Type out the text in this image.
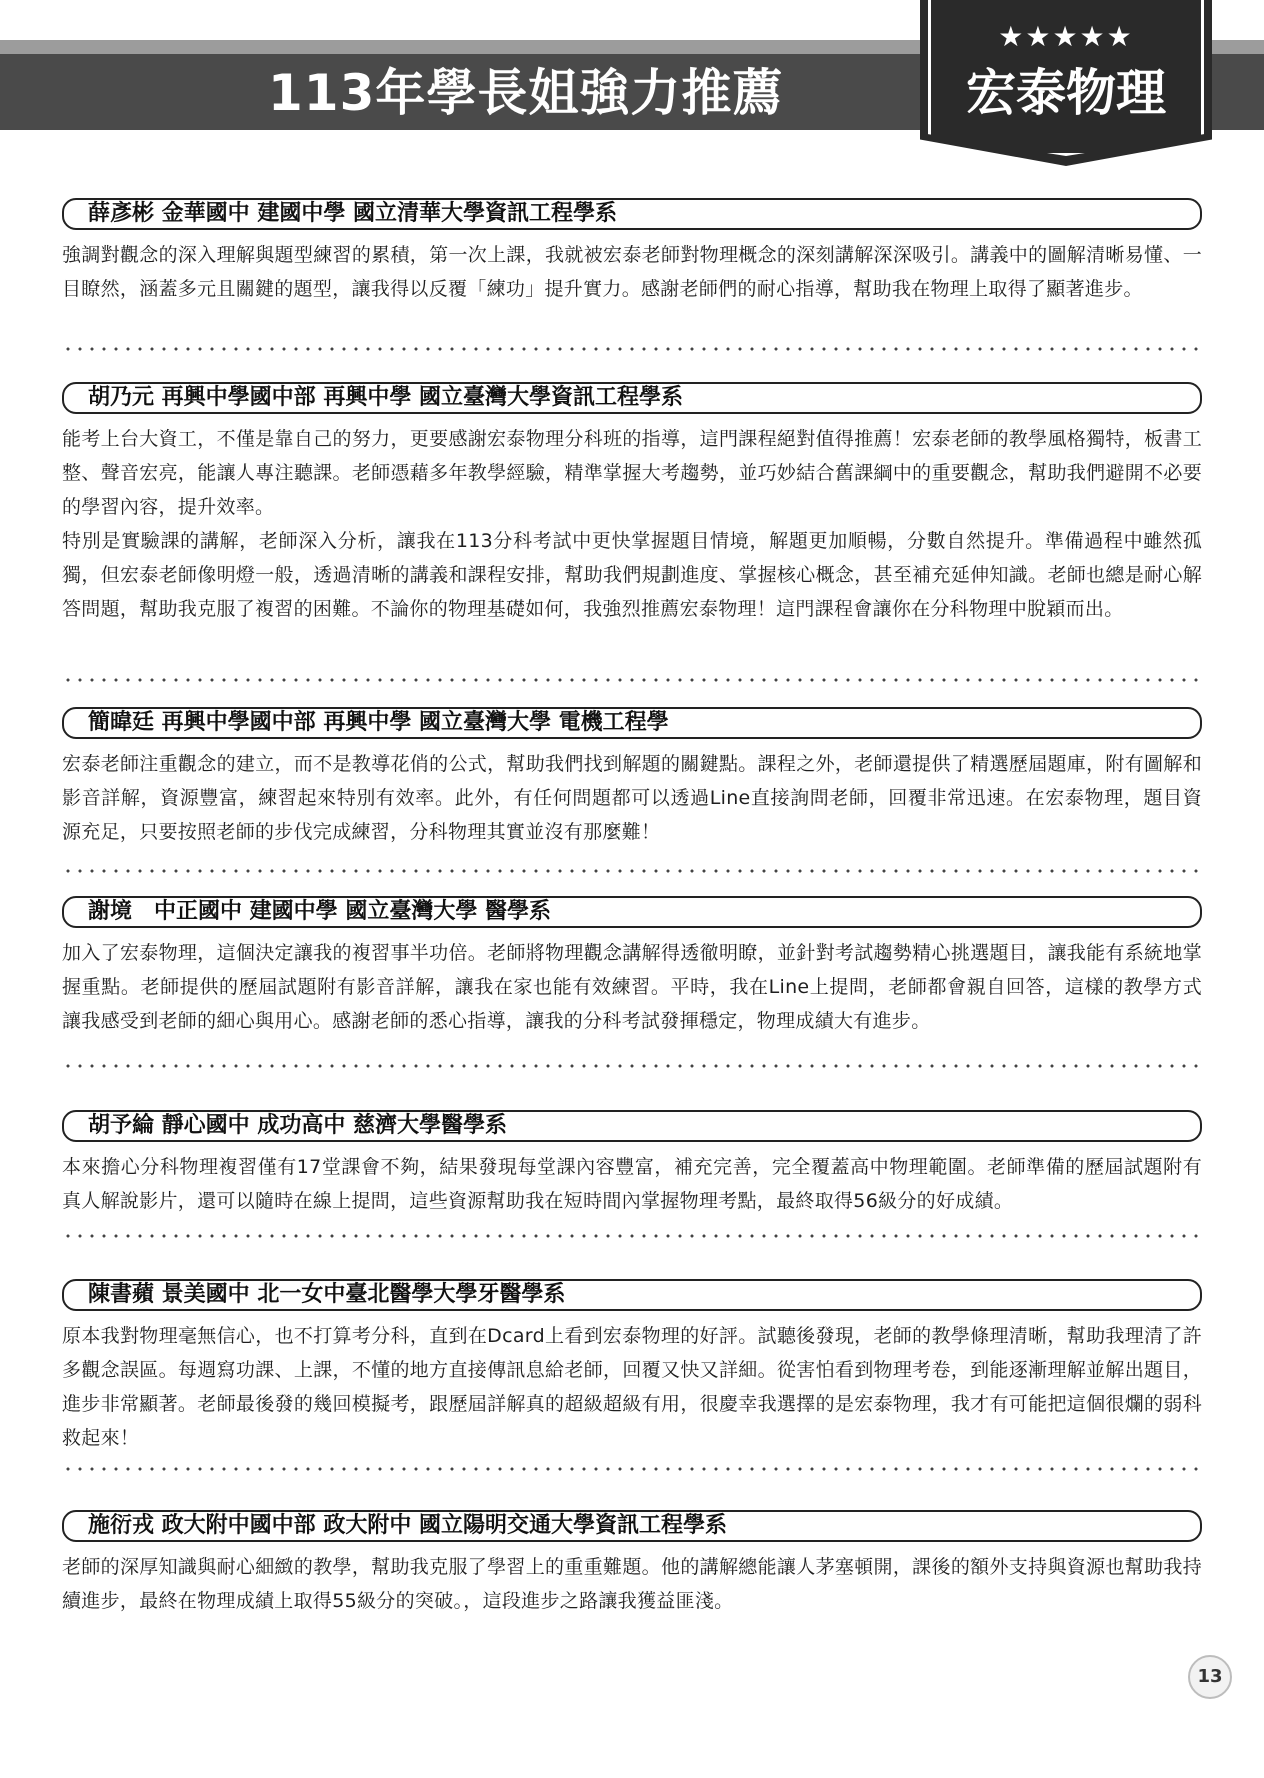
113年學長姐強力推薦
★★★★★
宏泰物理
薛彥彬 金華國中 建國中學 國立清華大學資訊工程學系

強調對觀念的深入理解與題型練習的累積，第一次上課，我就被宏泰老師對物理概念的深刻講解深深吸引。講義中的圖解清晰易懂、一目瞭然，涵蓋多元且關鍵的題型，讓我得以反覆「練功」提升實力。感謝老師們的耐心指導，幫助我在物理上取得了顯著進步。

胡乃元 再興中學國中部 再興中學 國立臺灣大學資訊工程學系

能考上台大資工，不僅是靠自己的努力，更要感謝宏泰物理分科班的指導，這門課程絕對值得推薦！宏泰老師的教學風格獨特，板書工整、聲音宏亮，能讓人專注聽課。老師憑藉多年教學經驗，精準掌握大考趨勢，並巧妙結合舊課綱中的重要觀念，幫助我們避開不必要的學習內容，提升效率。

特別是實驗課的講解，老師深入分析，讓我在113分科考試中更快掌握題目情境，解題更加順暢，分數自然提升。準備過程中雖然孤獨，但宏泰老師像明燈一般，透過清晰的講義和課程安排，幫助我們規劃進度、掌握核心概念，甚至補充延伸知識。老師也總是耐心解答問題，幫助我克服了複習的困難。不論你的物理基礎如何，我強烈推薦宏泰物理！這門課程會讓你在分科物理中脫穎而出。

簡暐廷 再興中學國中部 再興中學 國立臺灣大學 電機工程學

宏泰老師注重觀念的建立，而不是教導花俏的公式，幫助我們找到解題的關鍵點。課程之外，老師還提供了精選歷屆題庫，附有圖解和影音詳解，資源豐富，練習起來特別有效率。此外，有任何問題都可以透過Line直接詢問老師，回覆非常迅速。在宏泰物理，題目資源充足，只要按照老師的步伐完成練習，分科物理其實並沒有那麼難！

謝境　中正國中 建國中學 國立臺灣大學 醫學系

加入了宏泰物理，這個決定讓我的複習事半功倍。老師將物理觀念講解得透徹明瞭，並針對考試趨勢精心挑選題目，讓我能有系統地掌握重點。老師提供的歷屆試題附有影音詳解，讓我在家也能有效練習。平時，我在Line上提問，老師都會親自回答，這樣的教學方式讓我感受到老師的細心與用心。感謝老師的悉心指導，讓我的分科考試發揮穩定，物理成績大有進步。

胡予綸 靜心國中 成功高中 慈濟大學醫學系

本來擔心分科物理複習僅有17堂課會不夠，結果發現每堂課內容豐富，補充完善，完全覆蓋高中物理範圍。老師準備的歷屆試題附有真人解說影片，還可以隨時在線上提問，這些資源幫助我在短時間內掌握物理考點，最終取得56級分的好成績。

陳書蘋 景美國中 北一女中臺北醫學大學牙醫學系

原本我對物理毫無信心，也不打算考分科，直到在Dcard上看到宏泰物理的好評。試聽後發現，老師的教學條理清晰，幫助我理清了許多觀念誤區。每週寫功課、上課，不懂的地方直接傳訊息給老師，回覆又快又詳細。從害怕看到物理考卷，到能逐漸理解並解出題目，進步非常顯著。老師最後發的幾回模擬考，跟歷屆詳解真的超級超級有用，很慶幸我選擇的是宏泰物理，我才有可能把這個很爛的弱科救起來！

施衍戎 政大附中國中部 政大附中 國立陽明交通大學資訊工程學系

老師的深厚知識與耐心細緻的教學，幫助我克服了學習上的重重難題。他的講解總能讓人茅塞頓開，課後的額外支持與資源也幫助我持續進步，最終在物理成績上取得55級分的突破。，這段進步之路讓我獲益匪淺。

13
